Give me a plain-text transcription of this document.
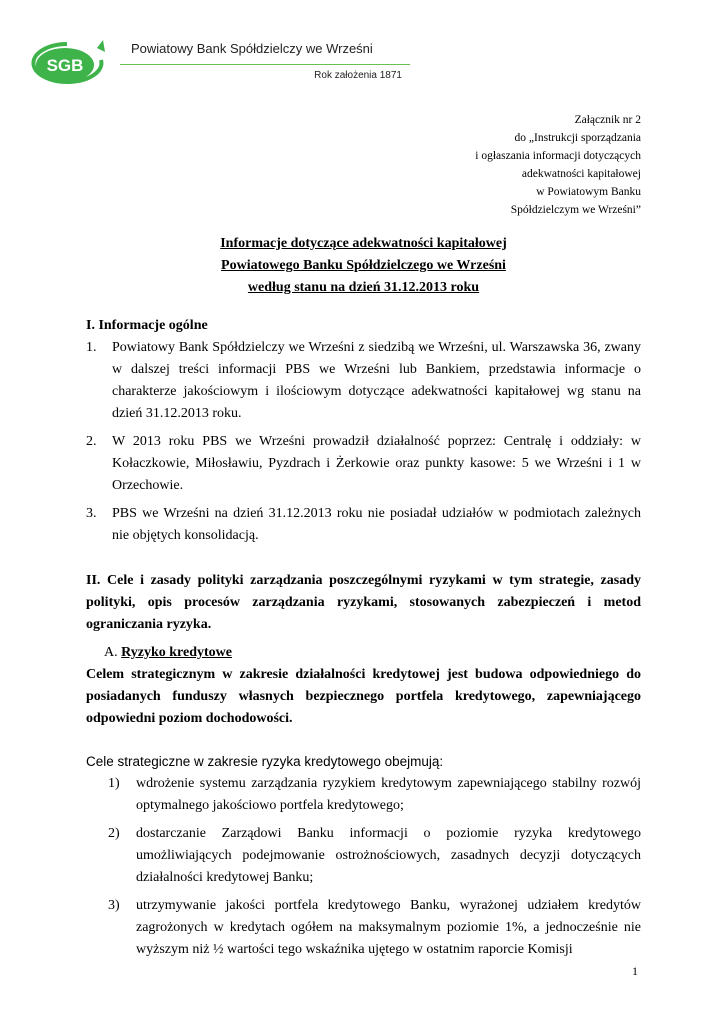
SGB
Powiatowy Bank Spółdzielczy we Wrześni
Rok założenia 1871
Załącznik nr 2
do „Instrukcji sporządzania
i ogłaszania informacji dotyczących
adekwatności kapitałowej
w Powiatowym Banku
Spółdzielczym we Wrześni”
Informacje dotyczące adekwatności kapitałowej
Powiatowego Banku Spółdzielczego we Wrześni
według stanu na dzień 31.12.2013 roku
I. Informacje ogólne
1.	Powiatowy Bank Spółdzielczy we Wrześni z siedzibą we Wrześni, ul. Warszawska 36, zwany w dalszej treści informacji PBS we Wrześni lub Bankiem, przedstawia informacje o charakterze jakościowym i ilościowym dotyczące adekwatności kapitałowej wg stanu na dzień 31.12.2013 roku.
2.	W 2013 roku PBS we Wrześni prowadził działalność poprzez: Centralę i oddziały: w Kołaczkowie, Miłosławiu, Pyzdrach i Żerkowie oraz punkty kasowe: 5 we Wrześni i 1 w Orzechowie.
3.	PBS we Wrześni na dzień 31.12.2013 roku nie posiadał udziałów w podmiotach zależnych nie objętych konsolidacją.
II. Cele i zasady polityki zarządzania poszczególnymi ryzykami w tym strategie, zasady polityki, opis procesów zarządzania ryzykami, stosowanych zabezpieczeń i metod ograniczania ryzyka.
A. Ryzyko kredytowe
Celem strategicznym w zakresie działalności kredytowej jest budowa odpowiedniego do posiadanych funduszy własnych bezpiecznego portfela kredytowego, zapewniającego odpowiedni poziom dochodowości.
Cele strategiczne w zakresie ryzyka kredytowego obejmują:
1)	wdrożenie systemu zarządzania ryzykiem kredytowym zapewniającego stabilny rozwój optymalnego jakościowo portfela kredytowego;
2)	dostarczanie Zarządowi Banku informacji o poziomie ryzyka kredytowego umożliwiających podejmowanie ostrożnościowych, zasadnych decyzji dotyczących działalności kredytowej Banku;
3)	utrzymywanie jakości portfela kredytowego Banku, wyrażonej udziałem kredytów zagrożonych w kredytach ogółem na maksymalnym poziomie 1%, a jednocześnie nie wyższym niż ½ wartości tego wskaźnika ujętego w ostatnim raporcie Komisji
1
